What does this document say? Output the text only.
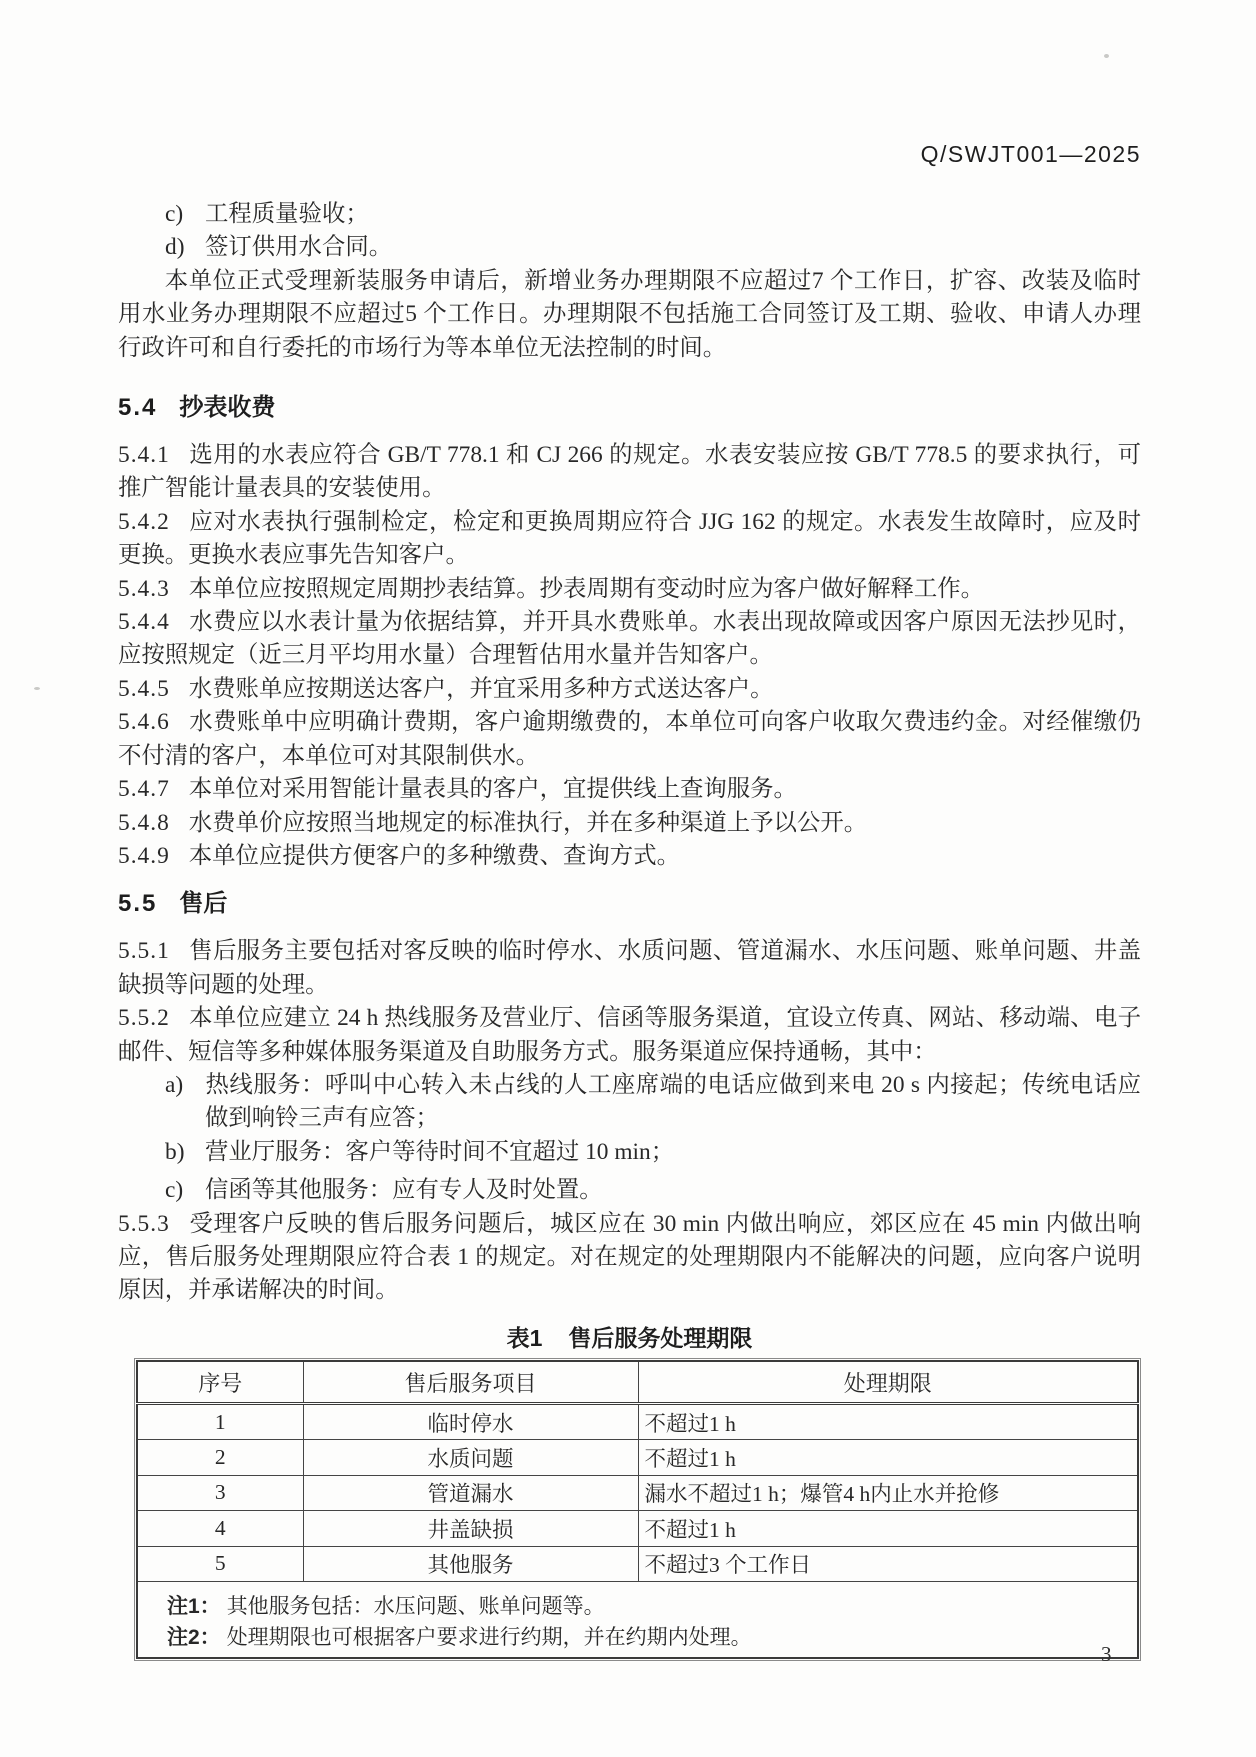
Q/SWJT001—2025

c) 工程质量验收；

d) 签订供用水合同。

本单位正式受理新装服务申请后，新增业务办理期限不应超过7 个工作日，扩容、改装及临时用水业务办理期限不应超过5 个工作日。办理期限不包括施工合同签订及工期、验收、申请人办理行政许可和自行委托的市场行为等本单位无法控制的时间。

5.4 抄表收费

5.4.1 选用的水表应符合 GB/T 778.1 和 CJ 266 的规定。水表安装应按 GB/T 778.5 的要求执行，可推广智能计量表具的安装使用。

5.4.2 应对水表执行强制检定，检定和更换周期应符合 JJG 162 的规定。水表发生故障时，应及时更换。更换水表应事先告知客户。

5.4.3 本单位应按照规定周期抄表结算。抄表周期有变动时应为客户做好解释工作。

5.4.4 水费应以水表计量为依据结算，并开具水费账单。水表出现故障或因客户原因无法抄见时，应按照规定（近三月平均用水量）合理暂估用水量并告知客户。

5.4.5 水费账单应按期送达客户，并宜采用多种方式送达客户。

5.4.6 水费账单中应明确计费期，客户逾期缴费的，本单位可向客户收取欠费违约金。对经催缴仍不付清的客户，本单位可对其限制供水。

5.4.7 本单位对采用智能计量表具的客户，宜提供线上查询服务。

5.4.8 水费单价应按照当地规定的标准执行，并在多种渠道上予以公开。

5.4.9 本单位应提供方便客户的多种缴费、查询方式。

5.5 售后

5.5.1 售后服务主要包括对客反映的临时停水、水质问题、管道漏水、水压问题、账单问题、井盖缺损等问题的处理。

5.5.2 本单位应建立 24 h 热线服务及营业厅、信函等服务渠道，宜设立传真、网站、移动端、电子邮件、短信等多种媒体服务渠道及自助服务方式。服务渠道应保持通畅，其中：

a) 热线服务：呼叫中心转入未占线的人工座席端的电话应做到来电 20 s 内接起；传统电话应做到响铃三声有应答；

b) 营业厅服务：客户等待时间不宜超过 10 min；

c) 信函等其他服务：应有专人及时处置。

5.5.3 受理客户反映的售后服务问题后，城区应在 30 min 内做出响应，郊区应在 45 min 内做出响应，售后服务处理期限应符合表 1 的规定。对在规定的处理期限内不能解决的问题，应向客户说明原因，并承诺解决的时间。

表1 售后服务处理期限
序号	售后服务项目	处理期限
1	临时停水	不超过1 h
2	水质问题	不超过1 h
3	管道漏水	漏水不超过1 h；爆管4 h内止水并抢修
4	井盖缺损	不超过1 h
5	其他服务	不超过3 个工作日

注1： 其他服务包括：水压问题、账单问题等。

注2： 处理期限也可根据客户要求进行约期，并在约期内处理。		

3
